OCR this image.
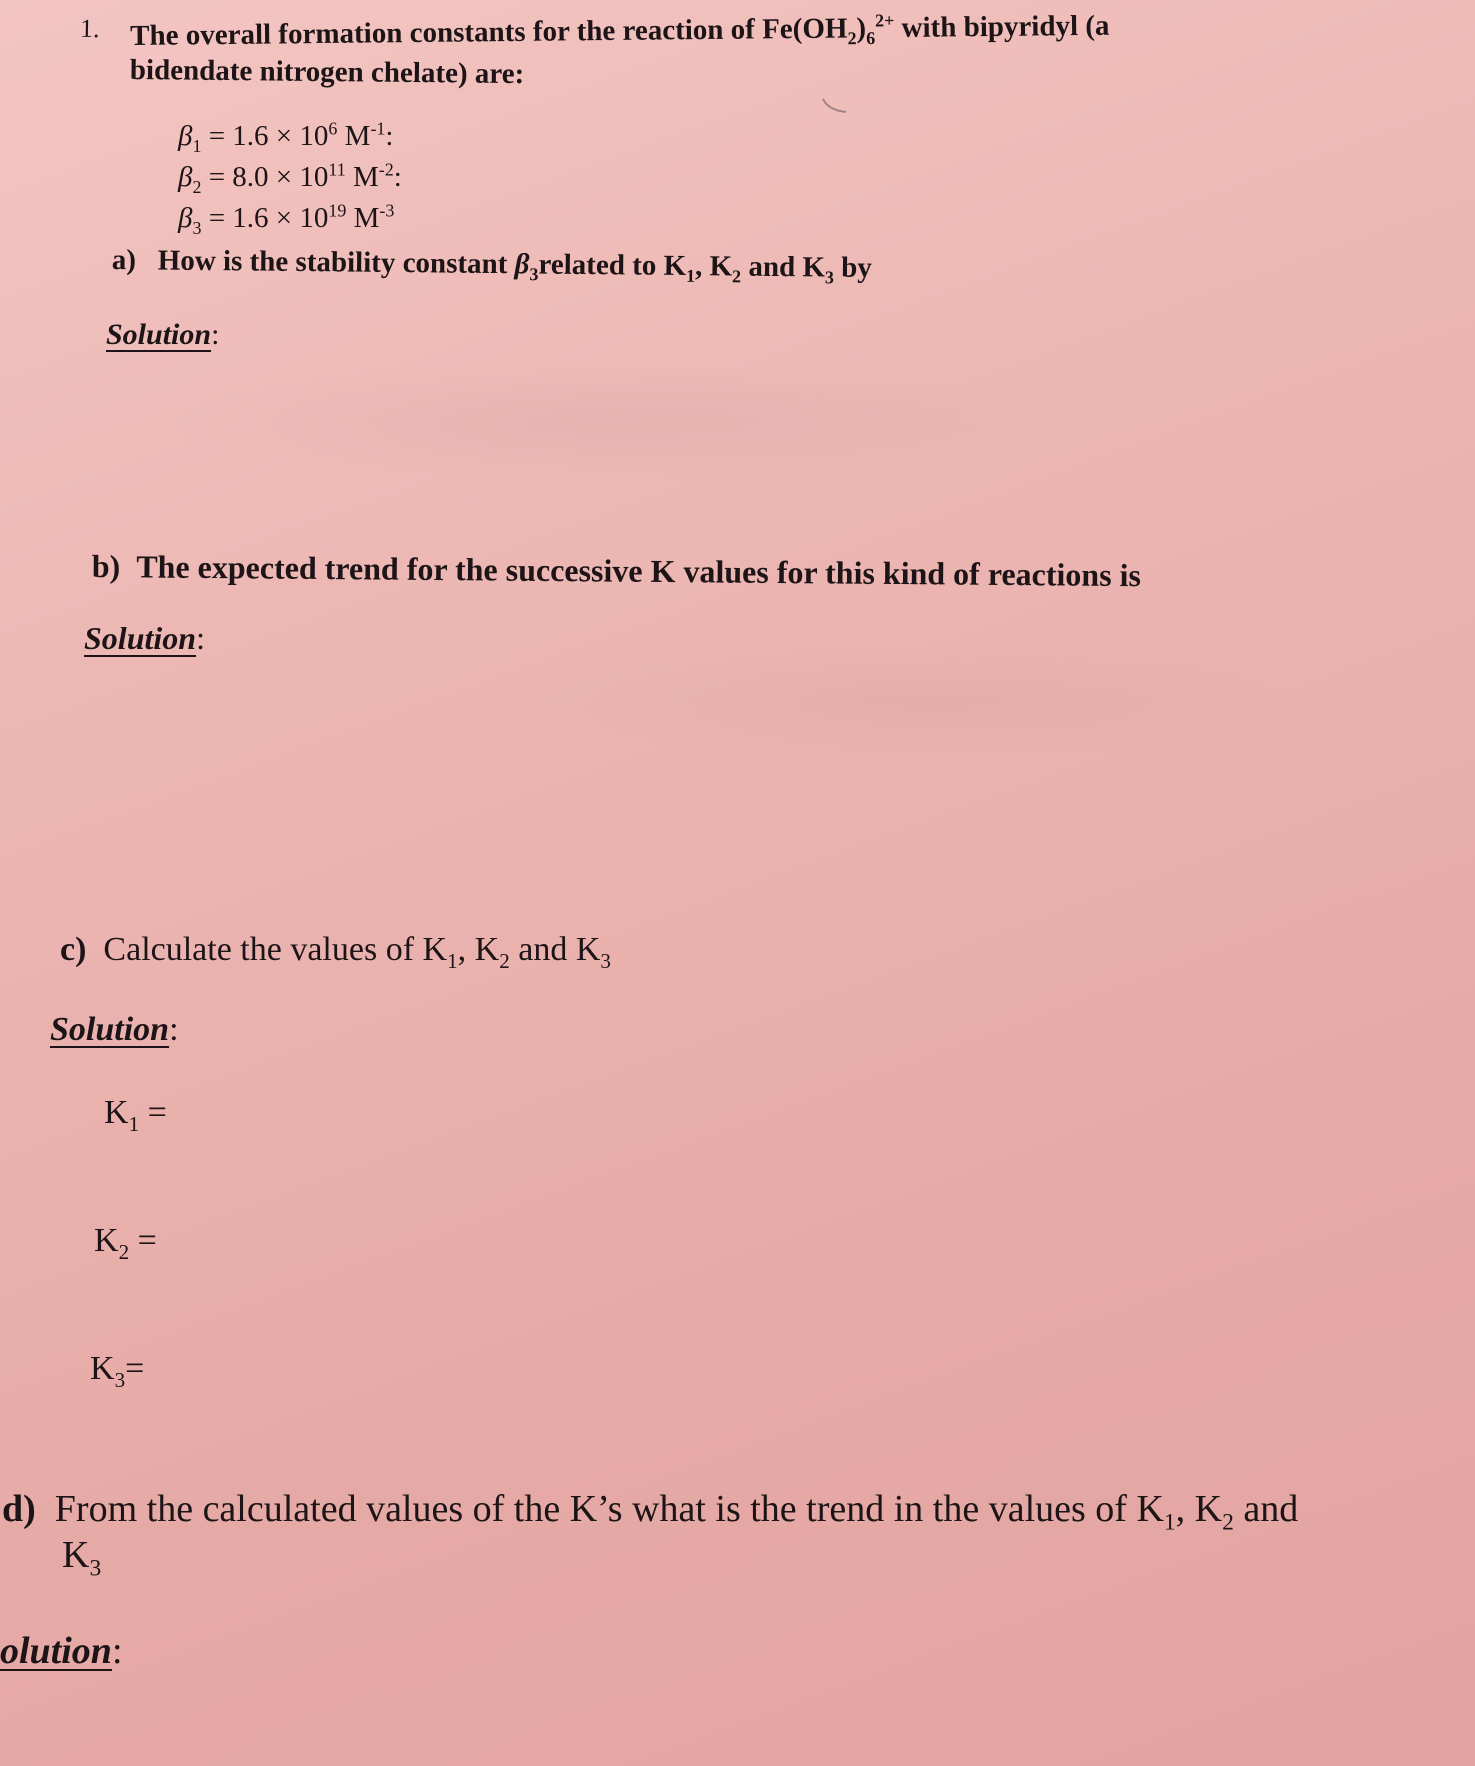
1. The overall formation constants for the reaction of $Fe(OH_2)_6^{2+}$ with bipyridyl (a
bidendate nitrogen chelate) are:
$\beta_1 = 1.6 \times 10^6$ $M^{-1}$:
$\beta_2 = 8.0 \times 10^{11}$ $M^{-2}$:
$\beta_3 = 1.6 \times 10^{19}$ $M^{-3}$
a) How is the stability constant $\beta_3related$ to $K_1$, $K_2$ and $K_3$ by
Solution:
b) The expected trend for the successive K values for this kind of reactions is
Solution:
c) Calculate the values of $K_1$, $K_2$ and $K_3$
Solution:
$K_1$ =
$K_2$ =
$K_3=$
d) From the calculated values of the K’s what is the trend in the values of $K_1$, $K_2$ and
$K_3$
olution:
